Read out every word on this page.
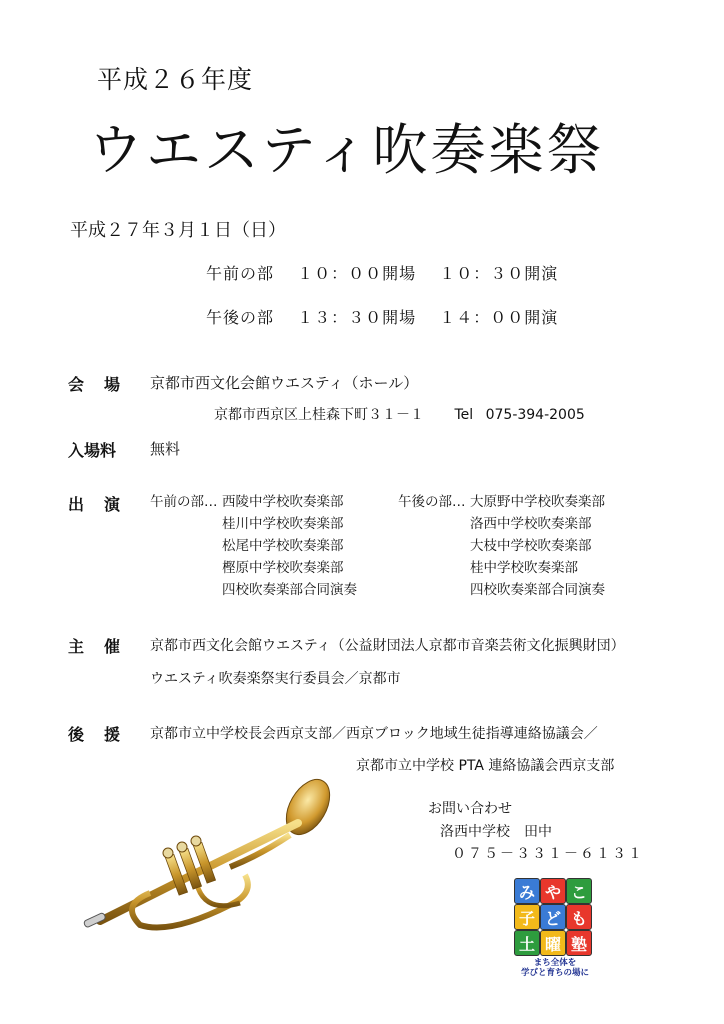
平成２６年度
ウエスティ吹奏楽祭
平成２７年３月１日（日）
午前の部　 １０：００開場　 １０：３０開演
午後の部　 １３：３０開場　 １４：００開演
会　場 京都市西文化会館ウエスティ（ホール）
京都市西京区上桂森下町３１－１ Tel 075-394-2005
入場料 無料
出　演 午前の部… 西陵中学校吹奏楽部
桂川中学校吹奏楽部
松尾中学校吹奏楽部
樫原中学校吹奏楽部
四校吹奏楽部合同演奏
午後の部… 大原野中学校吹奏楽部
洛西中学校吹奏楽部
大枝中学校吹奏楽部
桂中学校吹奏楽部
四校吹奏楽部合同演奏
主　催 京都市西文化会館ウエスティ（公益財団法人京都市音楽芸術文化振興財団）
ウエスティ吹奏楽祭実行委員会／京都市
後　援 京都市立中学校長会西京支部／西京ブロック地域生徒指導連絡協議会／
京都市立中学校 PTA 連絡協議会西京支部
お問い合わせ
洛西中学校　田中
０７５－３３１－６１３１
み や こ
子 ど も
土 曜 塾
まち全体を
学びと育ちの場に
